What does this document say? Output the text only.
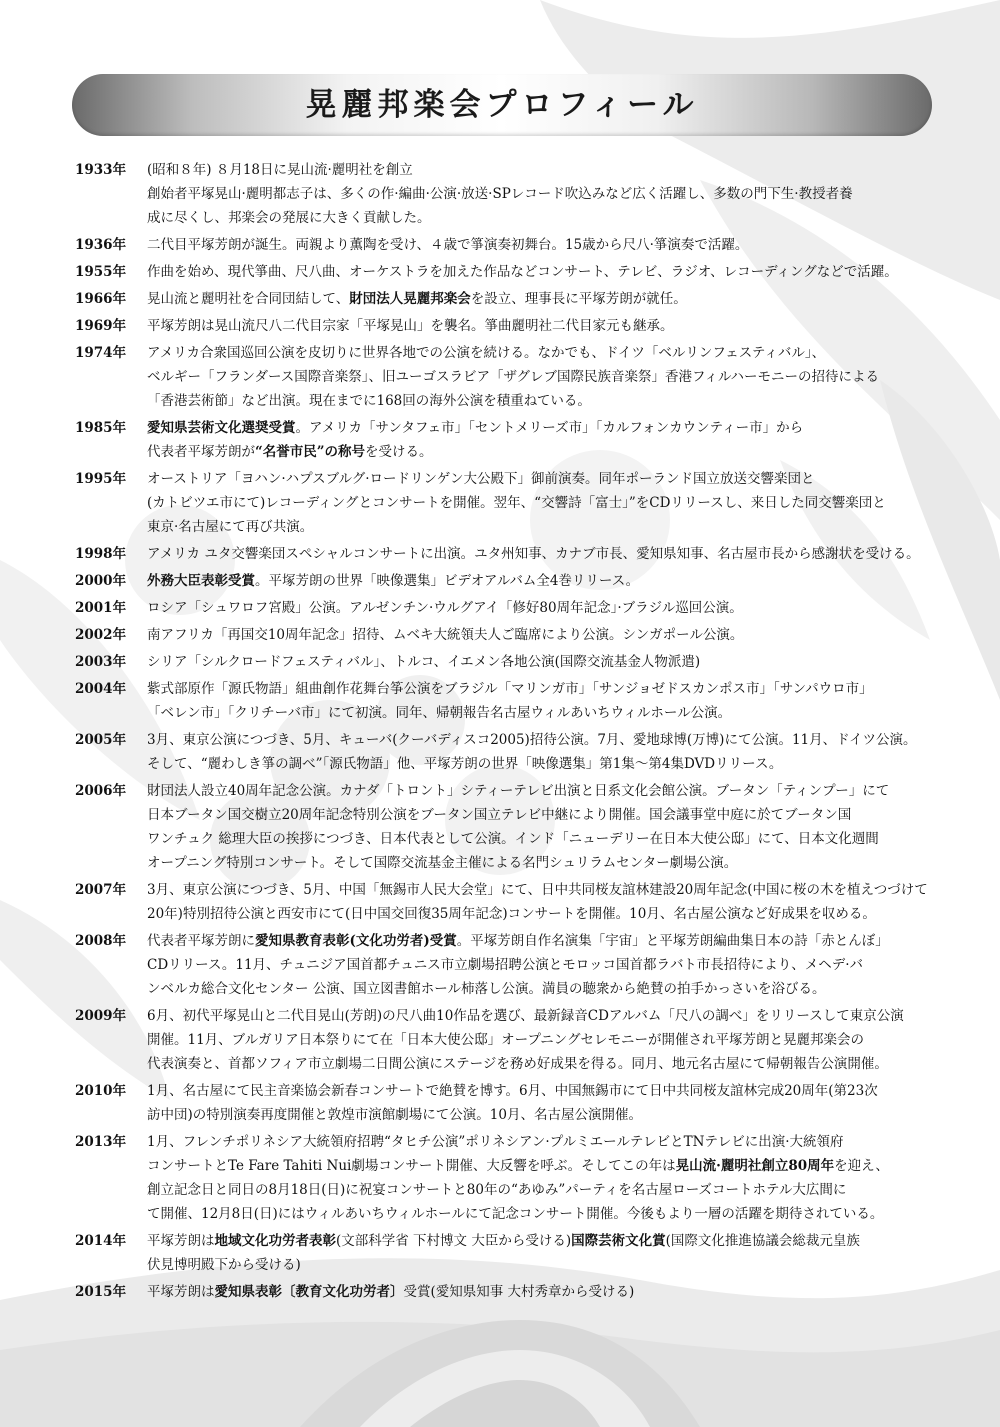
晃麗邦楽会プロフィール
1933年	(昭和８年) ８月18日に晃山流·麗明社を創立
創始者平塚晃山·麗明都志子は、多くの作·編曲·公演·放送·SPレコード吹込みなど広く活躍し、多数の門下生·教授者養
成に尽くし、邦楽会の発展に大きく貢献した。
1936年	二代目平塚芳朗が誕生。両親より薫陶を受け、４歳で箏演奏初舞台。15歳から尺八·箏演奏で活躍。
1955年	作曲を始め、現代箏曲、尺八曲、オーケストラを加えた作品などコンサート、テレビ、ラジオ、レコーディングなどで活躍。
1966年	晃山流と麗明社を合同団結して、財団法人晃麗邦楽会を設立、理事長に平塚芳朗が就任。
1969年	平塚芳朗は晃山流尺八二代目宗家「平塚晃山」を襲名。箏曲麗明社二代目家元も継承。
1974年	アメリカ合衆国巡回公演を皮切りに世界各地での公演を続ける。なかでも、ドイツ「ベルリンフェスティバル」、
ベルギー「フランダース国際音楽祭」、旧ユーゴスラビア「ザグレブ国際民族音楽祭」香港フィルハーモニーの招待による
「香港芸術節」など出演。現在までに168回の海外公演を積重ねている。
1985年	愛知県芸術文化選奨受賞。アメリカ「サンタフェ市」「セントメリーズ市」「カルフォンカウンティー市」から
代表者平塚芳朗が“名誉市民”の称号を受ける。
1995年	オーストリア「ヨハン·ハプスブルグ·ロードリンゲン大公殿下」御前演奏。同年ポーランド国立放送交響楽団と
(カトビツエ市にて)レコーディングとコンサートを開催。翌年、“交響詩「富士」”をCDリリースし、来日した同交響楽団と
東京·名古屋にて再び共演。
1998年	アメリカ ユタ交響楽団スペシャルコンサートに出演。ユタ州知事、カナブ市長、愛知県知事、名古屋市長から感謝状を受ける。
2000年	外務大臣表彰受賞。平塚芳朗の世界「映像選集」ビデオアルバム全4巻リリース。
2001年	ロシア「シュワロフ宮殿」公演。アルゼンチン·ウルグアイ「修好80周年記念」·ブラジル巡回公演。
2002年	南アフリカ「再国交10周年記念」招待、ムベキ大統領夫人ご臨席により公演。シンガポール公演。
2003年	シリア「シルクロードフェスティバル」、トルコ、イエメン各地公演(国際交流基金人物派遣)
2004年	紫式部原作「源氏物語」組曲創作花舞台筝公演をブラジル「マリンガ市」「サンジョゼドスカンポス市」「サンパウロ市」
「ベレン市」「クリチーバ市」にて初演。同年、帰朝報告名古屋ウィルあいちウィルホール公演。
2005年	3月、東京公演につづき、5月、キューバ(クーバディスコ2005)招待公演。7月、愛地球博(万博)にて公演。11月、ドイツ公演。
そして、“麗わしき箏の調べ”「源氏物語」他、平塚芳朗の世界「映像選集」第1集～第4集DVDリリース。
2006年	財団法人設立40周年記念公演。カナダ「トロント」シティーテレビ出演と日系文化会館公演。ブータン「ティンプー」にて
日本ブータン国交樹立20周年記念特別公演をブータン国立テレビ中継により開催。国会議事堂中庭に於てブータン国
ワンチュク 総理大臣の挨拶につづき、日本代表として公演。インド「ニューデリー在日本大使公邸」にて、日本文化週間
オープニング特別コンサート。そして国際交流基金主催による名門シュリラムセンター劇場公演。
2007年	3月、東京公演につづき、5月、中国「無錫市人民大会堂」にて、日中共同桜友誼林建設20周年記念(中国に桜の木を植えつづけて
20年)特別招待公演と西安市にて(日中国交回復35周年記念)コンサートを開催。10月、名古屋公演など好成果を収める。
2008年	代表者平塚芳朗に愛知県教育表彰(文化功労者)受賞。平塚芳朗自作名演集「宇宙」と平塚芳朗編曲集日本の詩「赤とんぼ」
CDリリース。11月、チュニジア国首都チュニス市立劇場招聘公演とモロッコ国首都ラバト市長招待により、メヘデ·バ
ンベルカ総合文化センター 公演、国立図書館ホール柿落し公演。満員の聴衆から絶賛の拍手かっさいを浴びる。
2009年	6月、初代平塚晃山と二代目晃山(芳朗)の尺八曲10作品を選び、最新録音CDアルバム「尺八の調べ」をリリースして東京公演
開催。11月、ブルガリア日本祭りにて在「日本大使公邸」オープニングセレモニーが開催され平塚芳朗と晃麗邦楽会の
代表演奏と、首都ソフィア市立劇場二日間公演にステージを務め好成果を得る。同月、地元名古屋にて帰朝報告公演開催。
2010年	1月、名古屋にて民主音楽協会新春コンサートで絶賛を博す。6月、中国無錫市にて日中共同桜友誼林完成20周年(第23次
訪中団)の特別演奏再度開催と敦煌市演館劇場にて公演。10月、名古屋公演開催。
2013年	1月、フレンチポリネシア大統領府招聘“タヒチ公演”ポリネシアン·プルミエールテレビとTNテレビに出演·大統領府
コンサートとTe Fare Tahiti Nui劇場コンサート開催、大反響を呼ぶ。そしてこの年は晃山流·麗明社創立80周年を迎え、
創立記念日と同日の8月18日(日)に祝宴コンサートと80年の“あゆみ”パーティを名古屋ローズコートホテル大広間に
て開催、12月8日(日)にはウィルあいちウィルホールにて記念コンサート開催。今後もより一層の活躍を期待されている。
2014年	平塚芳朗は地域文化功労者表彰(文部科学省 下村博文 大臣から受ける)国際芸術文化賞(国際文化推進協議会総裁元皇族
伏見博明殿下から受ける)
2015年	平塚芳朗は愛知県表彰〔教育文化功労者〕受賞(愛知県知事 大村秀章から受ける)
